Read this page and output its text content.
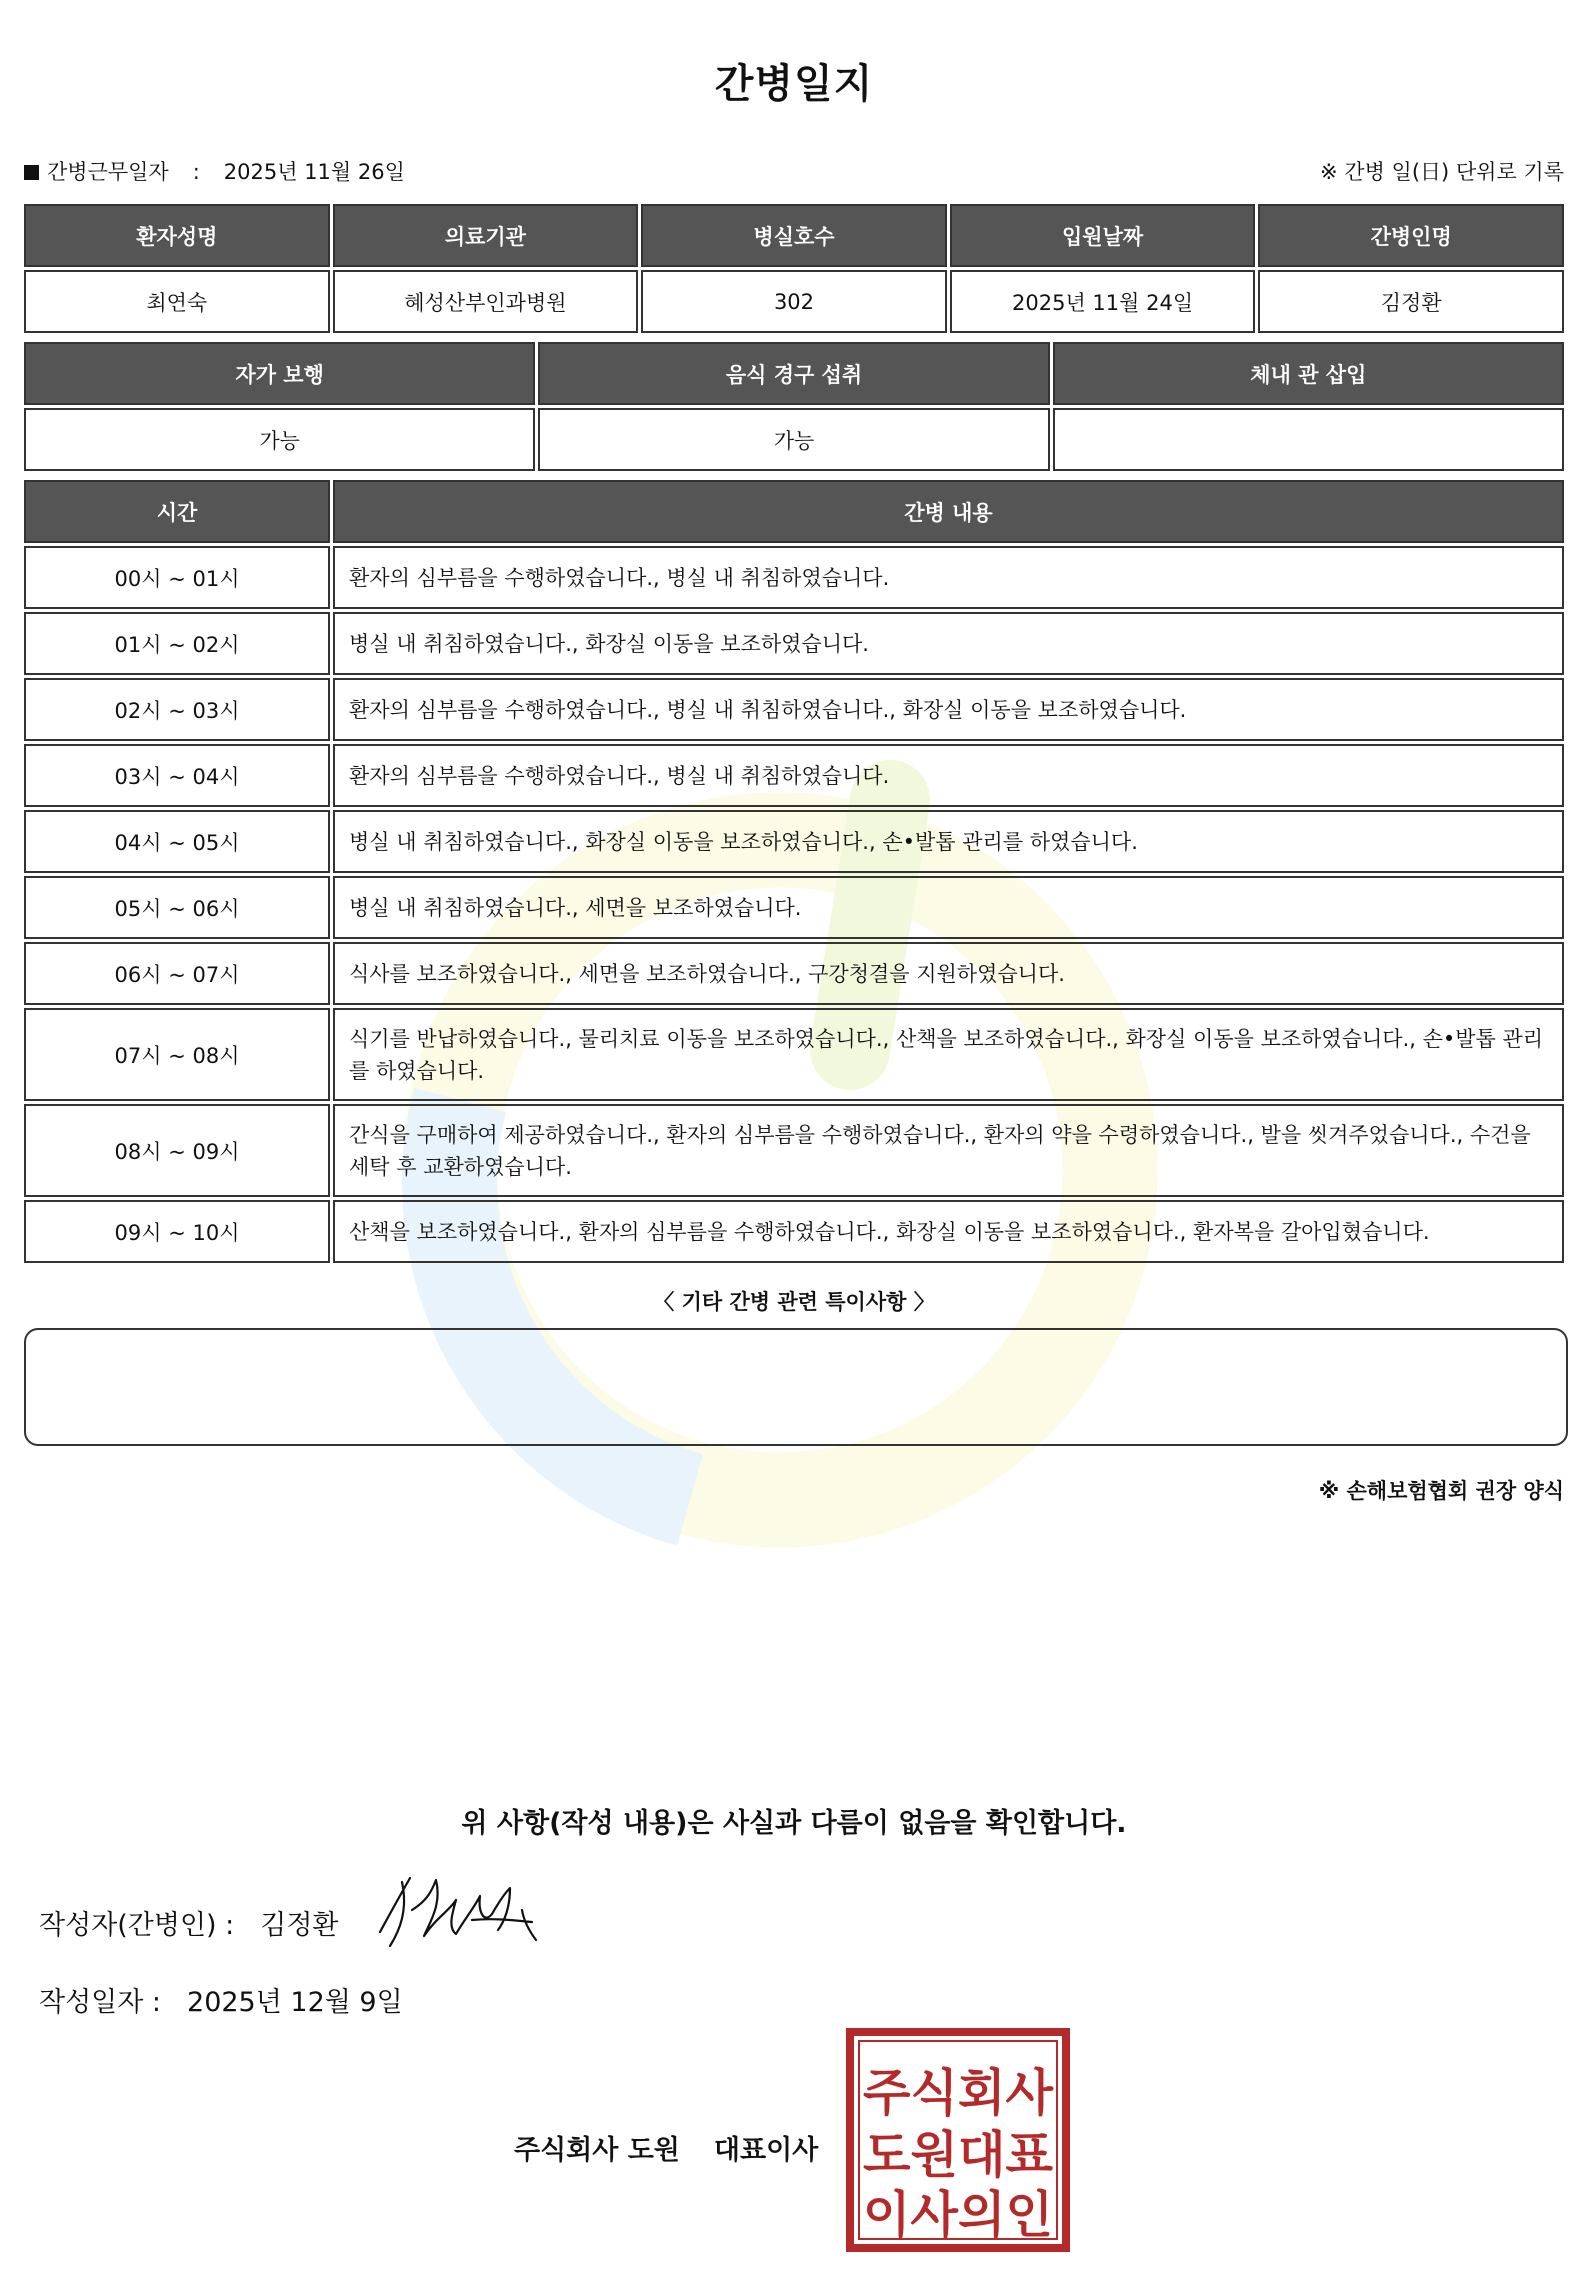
간병일지
간병근무일자 : 2025년 11월 26일	※ 간병 일(日) 단위로 기록
환자성명	의료기관	병실호수	입원날짜	간병인명
최연숙	혜성산부인과병원	302	2025년 11월 24일	김정환
자가 보행	음식 경구 섭취	체내 관 삽입
가능	가능	
시간	간병 내용
00시 ~ 01시	환자의 심부름을 수행하였습니다., 병실 내 취침하였습니다.
01시 ~ 02시	병실 내 취침하였습니다., 화장실 이동을 보조하였습니다.
02시 ~ 03시	환자의 심부름을 수행하였습니다., 병실 내 취침하였습니다., 화장실 이동을 보조하였습니다.
03시 ~ 04시	환자의 심부름을 수행하였습니다., 병실 내 취침하였습니다.
04시 ~ 05시	병실 내 취침하였습니다., 화장실 이동을 보조하였습니다., 손•발톱 관리를 하였습니다.
05시 ~ 06시	병실 내 취침하였습니다., 세면을 보조하였습니다.
06시 ~ 07시	식사를 보조하였습니다., 세면을 보조하였습니다., 구강청결을 지원하였습니다.
07시 ~ 08시	식기를 반납하였습니다., 물리치료 이동을 보조하였습니다., 산책을 보조하였습니다., 화장실 이동을 보조하였습니다., 손•발톱 관리를 하였습니다.
08시 ~ 09시	간식을 구매하여 제공하였습니다., 환자의 심부름을 수행하였습니다., 환자의 약을 수령하였습니다., 발을 씻겨주었습니다., 수건을 세탁 후 교환하였습니다.
09시 ~ 10시	산책을 보조하였습니다., 환자의 심부름을 수행하였습니다., 화장실 이동을 보조하였습니다., 환자복을 갈아입혔습니다.
〈 기타 간병 관련 특이사항 〉
※ 손해보험협회 권장 양식
위 사항(작성 내용)은 사실과 다름이 없음을 확인합니다.
작성자(간병인) : 김정환
작성일자 : 2025년 12월 9일
주식회사 도원 대표이사
주식회사
도원대표
이사의인
